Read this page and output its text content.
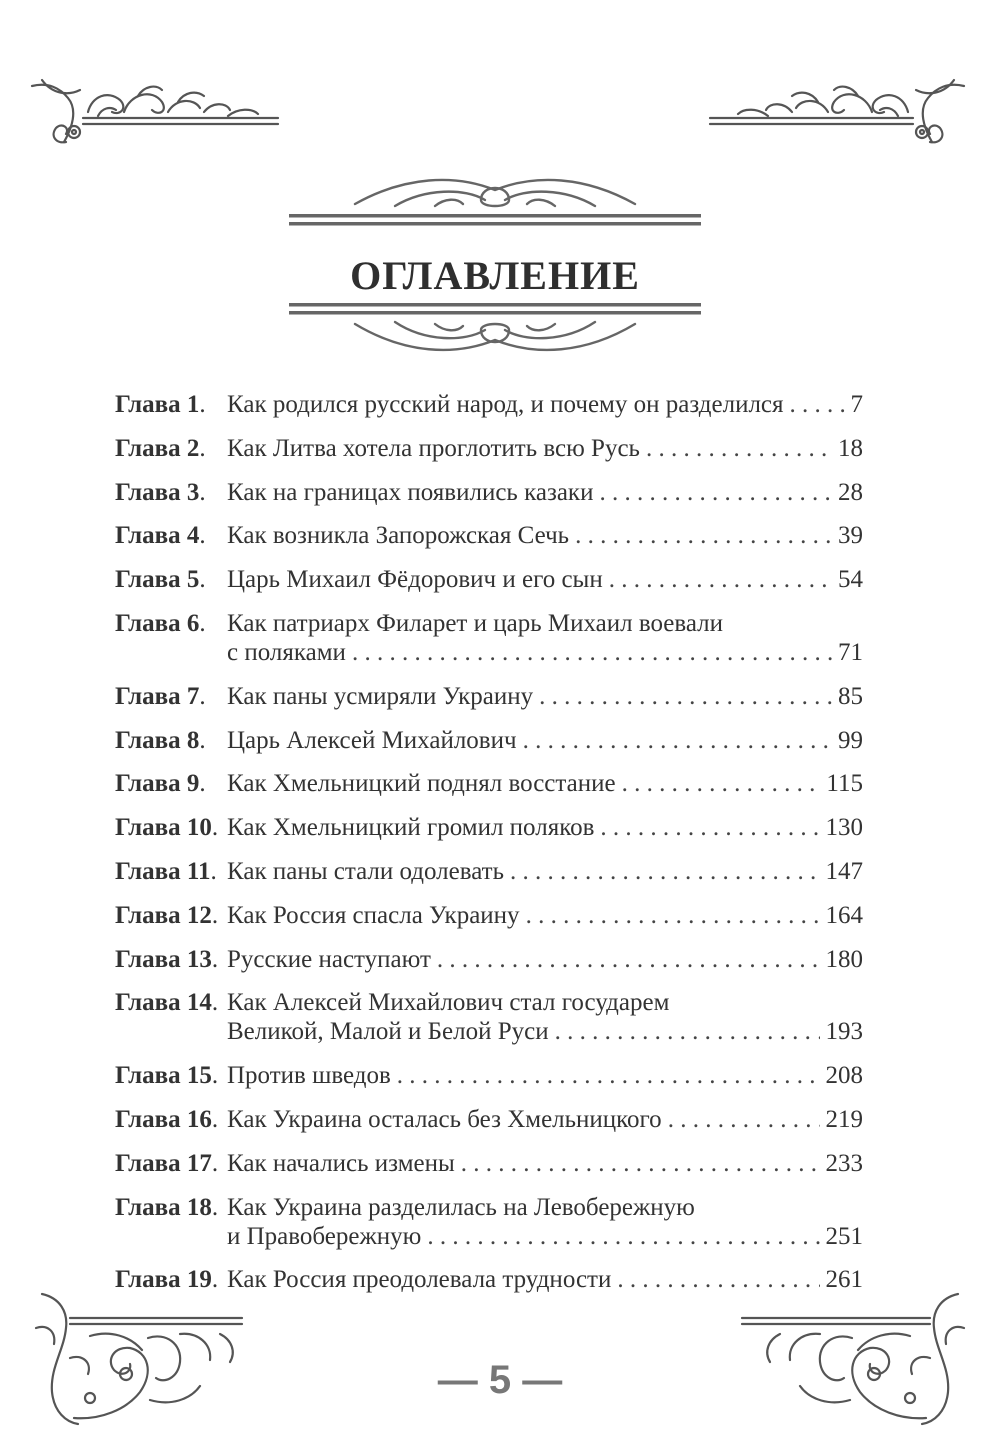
ОГЛАВЛЕНИЕ
Глава 1. Как родился русский народ, и почему он разделился . . .	7
Глава 2. Как Литва хотела проглотить всю Русь . . .	18
Глава 3. Как на границах появились казаки . . .	28
Глава 4. Как возникла Запорожская Сечь . . .	39
Глава 5. Царь Михаил Фёдорович и его сын . . .	54
Глава 6. Как патриарх Филарет и царь Михаил воевали
с поляками . . .	71
Глава 7. Как паны усмиряли Украину . . .	85
Глава 8. Царь Алексей Михайлович . . .	99
Глава 9. Как Хмельницкий поднял восстание . . .	115
Глава 10. Как Хмельницкий громил поляков . . .	130
Глава 11. Как паны стали одолевать . . .	147
Глава 12. Как Россия спасла Украину . . .	164
Глава 13. Русские наступают . . .	180
Глава 14. Как Алексей Михайлович стал государем
Великой, Малой и Белой Руси . . .	193
Глава 15. Против шведов . . .	208
Глава 16. Как Украина осталась без Хмельницкого . . .	219
Глава 17. Как начались измены . . .	233
Глава 18. Как Украина разделилась на Левобережную
и Правобережную . . .	251
Глава 19. Как Россия преодолевала трудности . . .	261
— 5 —
